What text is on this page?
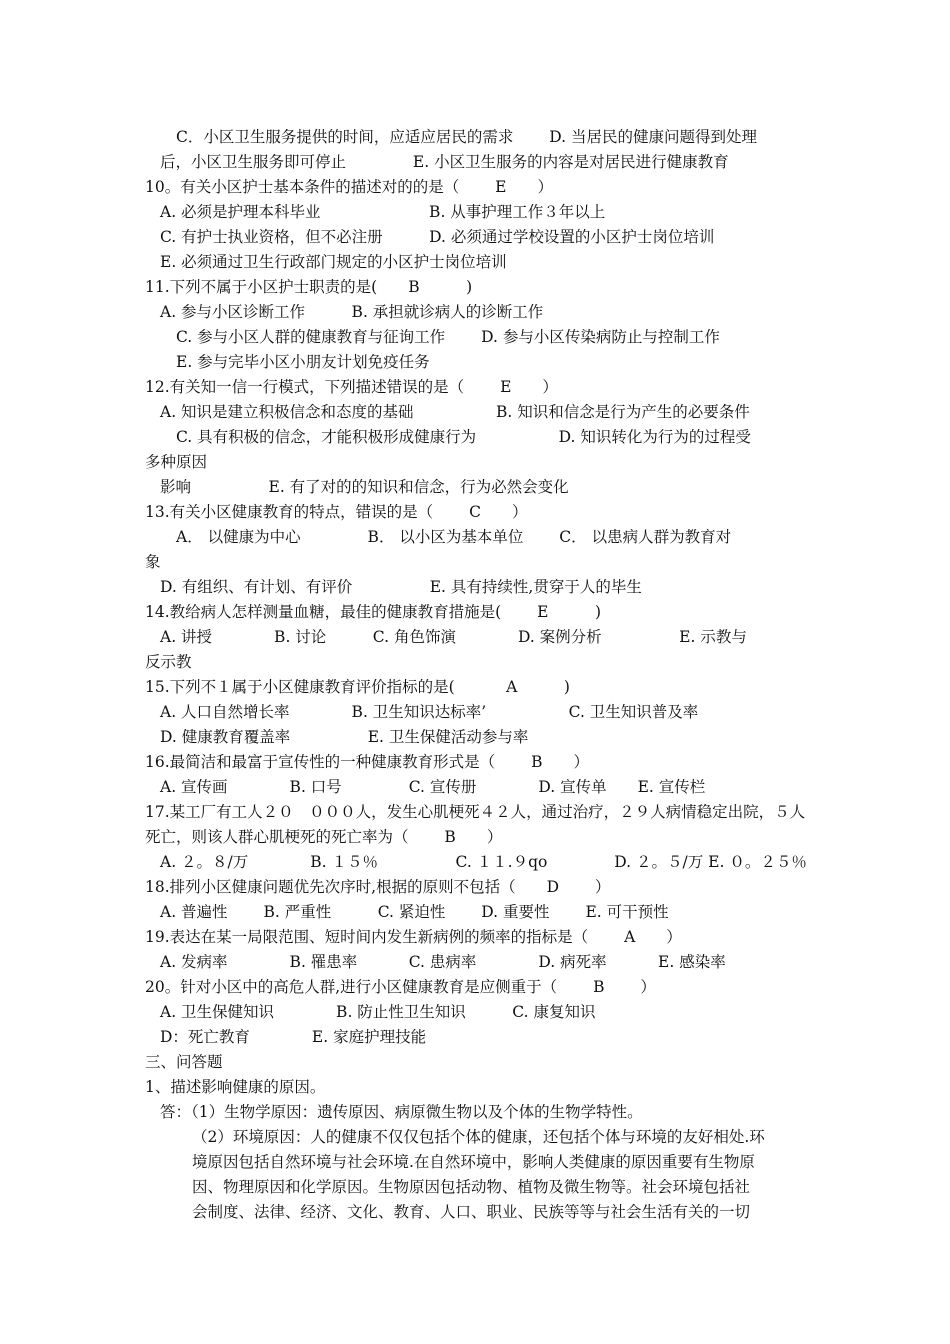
C．小区卫生服务提供的时间，应适应居民的需求　　 D. 当居民的健康问题得到处理
后，小区卫生服务即可停止　　　　 E. 小区卫生服务的内容是对居民进行健康教育
10。有关小区护士基本条件的描述对的的是（　　 E　　）
A. 必须是护理本科毕业　　　　　　　B. 从事护理工作３年以上
C. 有护士执业资格，但不必注册　　　D. 必须通过学校设置的小区护士岗位培训
E. 必须通过卫生行政部门规定的小区护士岗位培训
11.下列不属于小区护士职责的是(　　B　　　)
A. 参与小区诊断工作　　　B. 承担就诊病人的诊断工作
C. 参与小区人群的健康教育与征询工作　　 D. 参与小区传染病防止与控制工作
E. 参与完毕小区小朋友计划免疫任务
12.有关知一信一行模式，下列描述错误的是（　　 E　　）
A. 知识是建立积极信念和态度的基础　　　　　 B. 知识和信念是行为产生的必要条件
C. 具有积极的信念，才能积极形成健康行为　　　　　 D. 知识转化为行为的过程受
多种原因
影响　　　　　E. 有了对的的知识和信念，行为必然会变化
13.有关小区健康教育的特点，错误的是（　　 C　　）
A． 以健康为中心　　　　 B． 以小区为基本单位　　 C． 以患病人群为教育对
象
D. 有组织、有计划、有评价　　　　　E. 具有持续性,贯穿于人的毕生
14.教给病人怎样测量血糖，最佳的健康教育措施是(　　 E　　　)
A. 讲授　　　　B. 讨论　　　C. 角色饰演　　　　D. 案例分析　　　　　E. 示教与
反示教
15.下列不１属于小区健康教育评价指标的是(　　　 A　　　)
A. 人口自然增长率　　　　B. 卫生知识达标率’　　　　　 C. 卫生知识普及率
D. 健康教育覆盖率　　　　　E. 卫生保健活动参与率
16.最简洁和最富于宣传性的一种健康教育形式是（　　 B　　）
A. 宣传画　　　　B. 口号　　　　 C. 宣传册　　　　D. 宣传单　　E. 宣传栏
17.某工厂有工人２０　０００人，发生心肌梗死４２人，通过治疗，２９人病情稳定出院，５人
死亡，则该人群心肌梗死的死亡率为（　　 B　　）
A. ２。８/万　　　　B. １５％　　　　　C. １１.９qo　　　　 D. ２。５/万 E. ０。２５％
18.排列小区健康问题优先次序时,根据的原则不包括（　　D　　 ）
A. 普遍性　　 B. 严重性　　　C. 紧迫性　　 D. 重要性　　 E. 可干预性
19.表达在某一局限范围、短时间内发生新病例的频率的指标是（　　 A　　）
A. 发病率　　　　B. 罹患率　　　 C. 患病率　　　　D. 病死率　　　 E. 感染率
20。针对小区中的高危人群,进行小区健康教育是应侧重于（　　 B　　 ）
A. 卫生保健知识　　　　B. 防止性卫生知识　　　C. 康复知识
D：死亡教育　　　　E. 家庭护理技能
三、问答题
1、描述影响健康的原因。
答：（1）生物学原因：遗传原因、病原微生物以及个体的生物学特性。
（2）环境原因：人的健康不仅仅包括个体的健康，还包括个体与环境的友好相处.环
境原因包括自然环境与社会环境.在自然环境中，影响人类健康的原因重要有生物原
因、物理原因和化学原因。生物原因包括动物、植物及微生物等。社会环境包括社
会制度、法律、经济、文化、教育、人口、职业、民族等等与社会生活有关的一切
